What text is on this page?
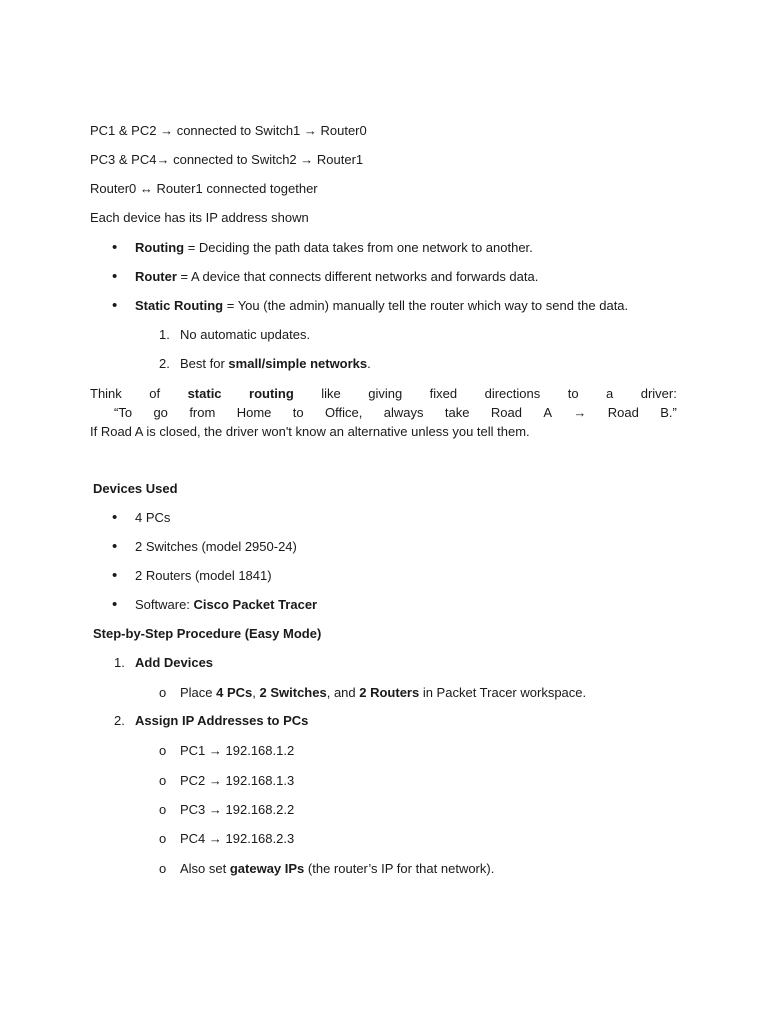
PC1 & PC2 → connected to Switch1 → Router0
PC3 & PC4→ connected to Switch2 → Router1
Router0 ↔ Router1 connected together
Each device has its IP address shown
• Routing = Deciding the path data takes from one network to another.
• Router = A device that connects different networks and forwards data.
• Static Routing = You (the admin) manually tell the router which way to send the data.
1. No automatic updates.
2. Best for small/simple networks.
Think of static routing like giving fixed directions to a driver:
“To go from Home to Office, always take Road A → Road B.”
If Road A is closed, the driver won't know an alternative unless you tell them.
Devices Used
• 4 PCs
• 2 Switches (model 2950-24)
• 2 Routers (model 1841)
• Software: Cisco Packet Tracer
Step-by-Step Procedure (Easy Mode)
1. Add Devices
o Place 4 PCs, 2 Switches, and 2 Routers in Packet Tracer workspace.
2. Assign IP Addresses to PCs
o PC1 → 192.168.1.2
o PC2 → 192.168.1.3
o PC3 → 192.168.2.2
o PC4 → 192.168.2.3
o Also set gateway IPs (the router’s IP for that network).
